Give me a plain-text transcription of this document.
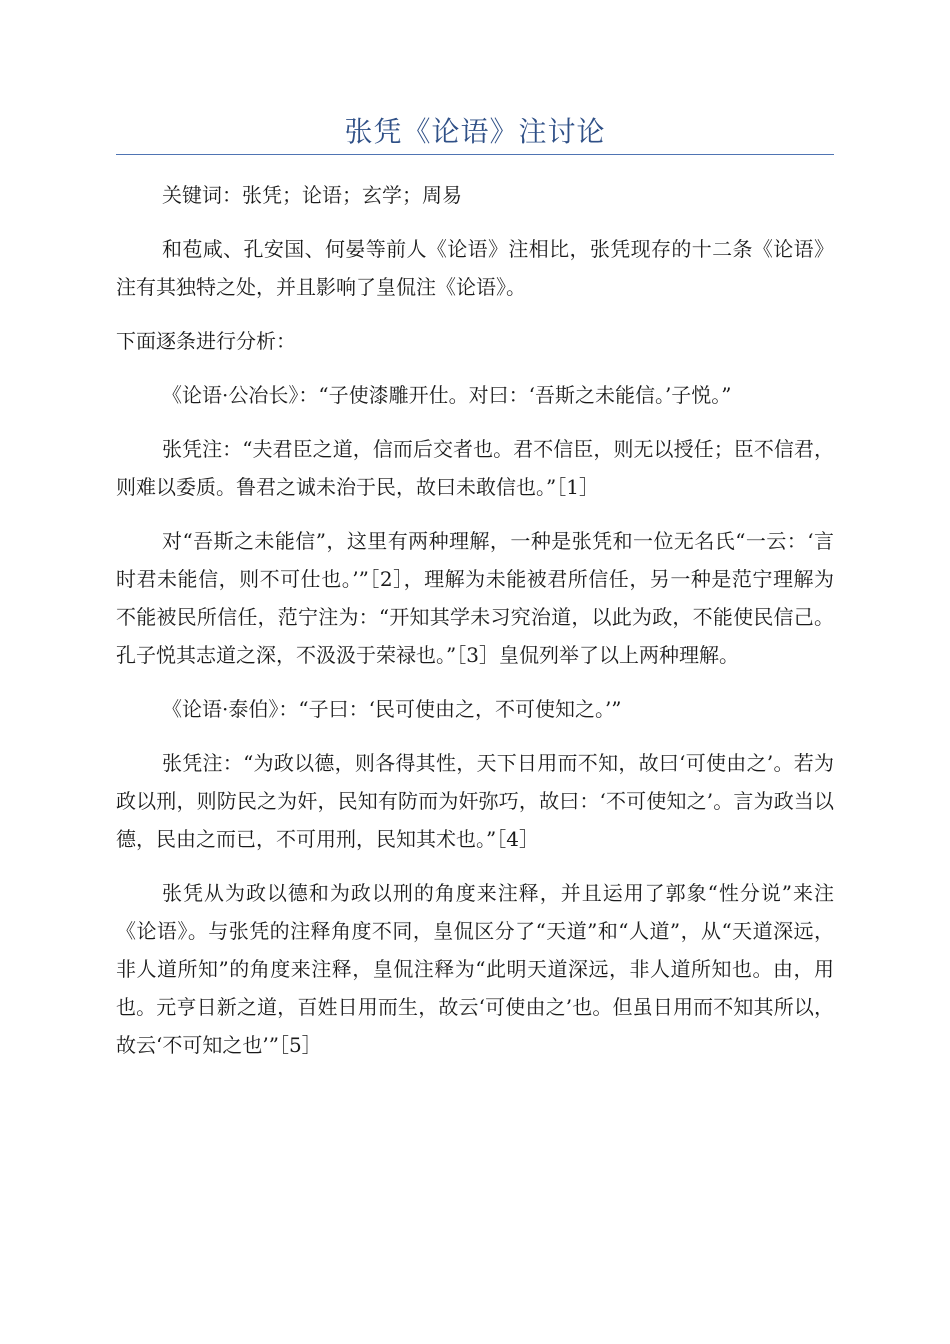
张凭《论语》注讨论

关键词：张凭；论语；玄学；周易

和苞咸、孔安国、何晏等前人《论语》注相比，张凭现存的十二条《论语》注有其独特之处，并且影响了皇侃注《论语》。

下面逐条进行分析：

《论语·公冶长》：“子使漆雕开仕。对曰：‘吾斯之未能信。’子悦。”

张凭注：“夫君臣之道，信而后交者也。君不信臣，则无以授任；臣不信君，则难以委质。鲁君之诚未治于民，故曰未敢信也。”［1］

对“吾斯之未能信”，这里有两种理解，一种是张凭和一位无名氏“一云：‘言时君未能信，则不可仕也。’”［2］，理解为未能被君所信任，另一种是范宁理解为不能被民所信任，范宁注为：“开知其学未习究治道，以此为政，不能使民信己。孔子悦其志道之深，不汲汲于荣禄也。”［3］皇侃列举了以上两种理解。

《论语·泰伯》：“子曰：‘民可使由之，不可使知之。’”

张凭注：“为政以德，则各得其性，天下日用而不知，故曰‘可使由之’。若为政以刑，则防民之为奸，民知有防而为奸弥巧，故曰：‘不可使知之’。言为政当以德，民由之而已，不可用刑，民知其术也。”［4］

张凭从为政以德和为政以刑的角度来注释，并且运用了郭象“性分说”来注《论语》。与张凭的注释角度不同，皇侃区分了“天道”和“人道”，从“天道深远，非人道所知”的角度来注释，皇侃注释为“此明天道深远，非人道所知也。由，用也。元亨日新之道，百姓日用而生，故云‘可使由之’也。但虽日用而不知其所以，故云‘不可知之也’”［5］
